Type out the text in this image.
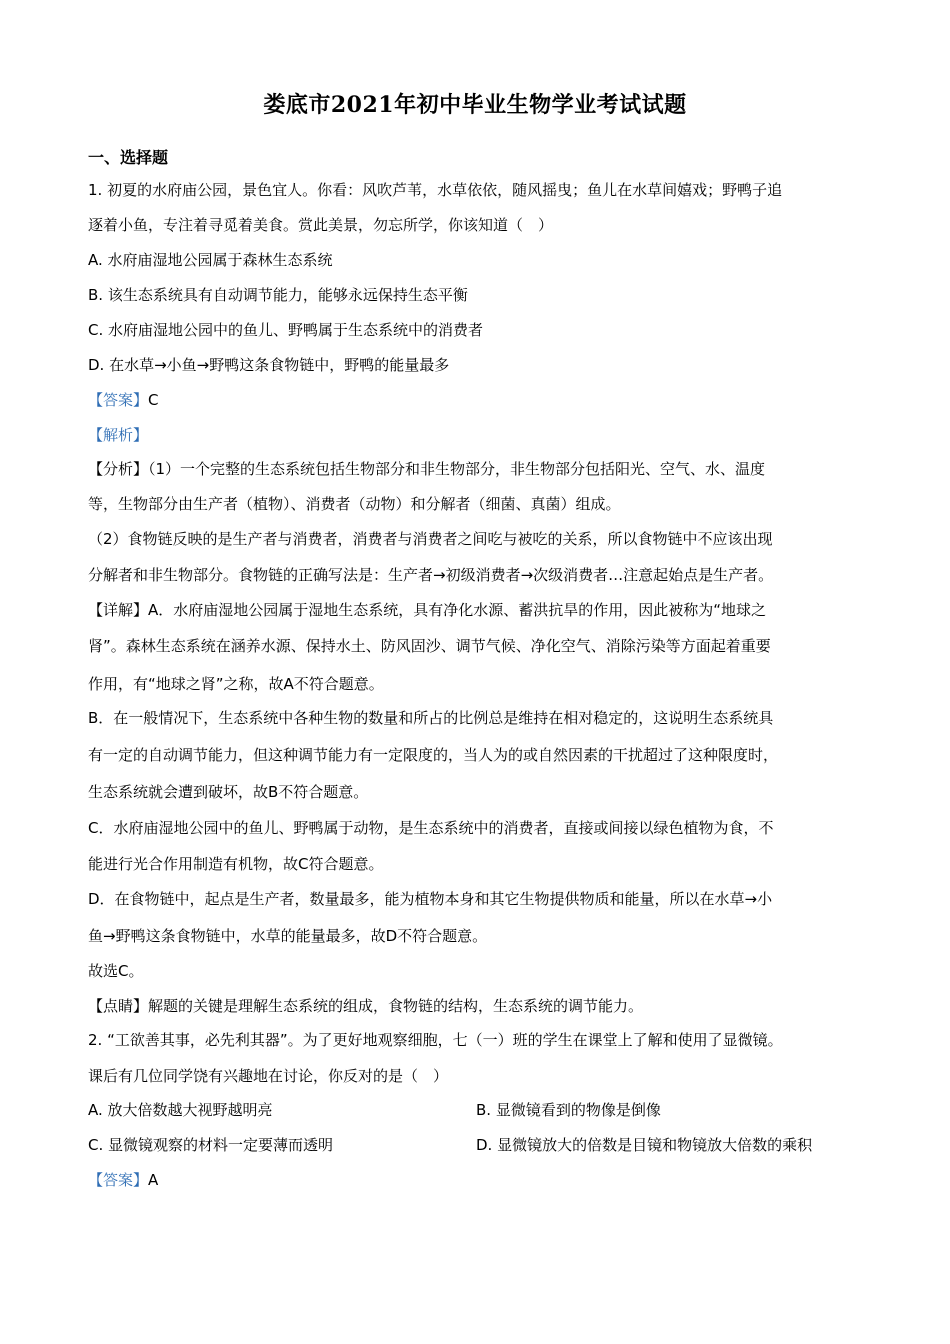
娄底市2021年初中毕业生物学业考试试题
一、选择题
1. 初夏的水府庙公园，景色宜人。你看：风吹芦苇，水草依依，随风摇曳；鱼儿在水草间嬉戏；野鸭子追
逐着小鱼，专注着寻觅着美食。赏此美景，勿忘所学，你该知道（　）
A. 水府庙湿地公园属于森林生态系统
B. 该生态系统具有自动调节能力，能够永远保持生态平衡
C. 水府庙湿地公园中的鱼儿、野鸭属于生态系统中的消费者
D. 在水草→小鱼→野鸭这条食物链中，野鸭的能量最多
【答案】C
【解析】
【分析】（1）一个完整的生态系统包括生物部分和非生物部分，非生物部分包括阳光、空气、水、温度
等，生物部分由生产者（植物）、消费者（动物）和分解者（细菌、真菌）组成。
（2）食物链反映的是生产者与消费者，消费者与消费者之间吃与被吃的关系，所以食物链中不应该出现
分解者和非生物部分。食物链的正确写法是：生产者→初级消费者→次级消费者…注意起始点是生产者。
【详解】A．水府庙湿地公园属于湿地生态系统，具有净化水源、蓄洪抗旱的作用，因此被称为“地球之
肾”。森林生态系统在涵养水源、保持水土、防风固沙、调节气候、净化空气、消除污染等方面起着重要
作用，有“地球之肾”之称，故A不符合题意。
B．在一般情况下，生态系统中各种生物的数量和所占的比例总是维持在相对稳定的，这说明生态系统具
有一定的自动调节能力，但这种调节能力有一定限度的，当人为的或自然因素的干扰超过了这种限度时，
生态系统就会遭到破坏，故B不符合题意。
C．水府庙湿地公园中的鱼儿、野鸭属于动物，是生态系统中的消费者，直接或间接以绿色植物为食，不
能进行光合作用制造有机物，故C符合题意。
D．在食物链中，起点是生产者，数量最多，能为植物本身和其它生物提供物质和能量，所以在水草→小
鱼→野鸭这条食物链中，水草的能量最多，故D不符合题意。
故选C。
【点睛】解题的关键是理解生态系统的组成，食物链的结构，生态系统的调节能力。
2. “工欲善其事，必先利其器”。为了更好地观察细胞，七（一）班的学生在课堂上了解和使用了显微镜。
课后有几位同学饶有兴趣地在讨论，你反对的是（　）
A. 放大倍数越大视野越明亮	B. 显微镜看到的物像是倒像
C. 显微镜观察的材料一定要薄而透明	D. 显微镜放大的倍数是目镜和物镜放大倍数的乘积
【答案】A
